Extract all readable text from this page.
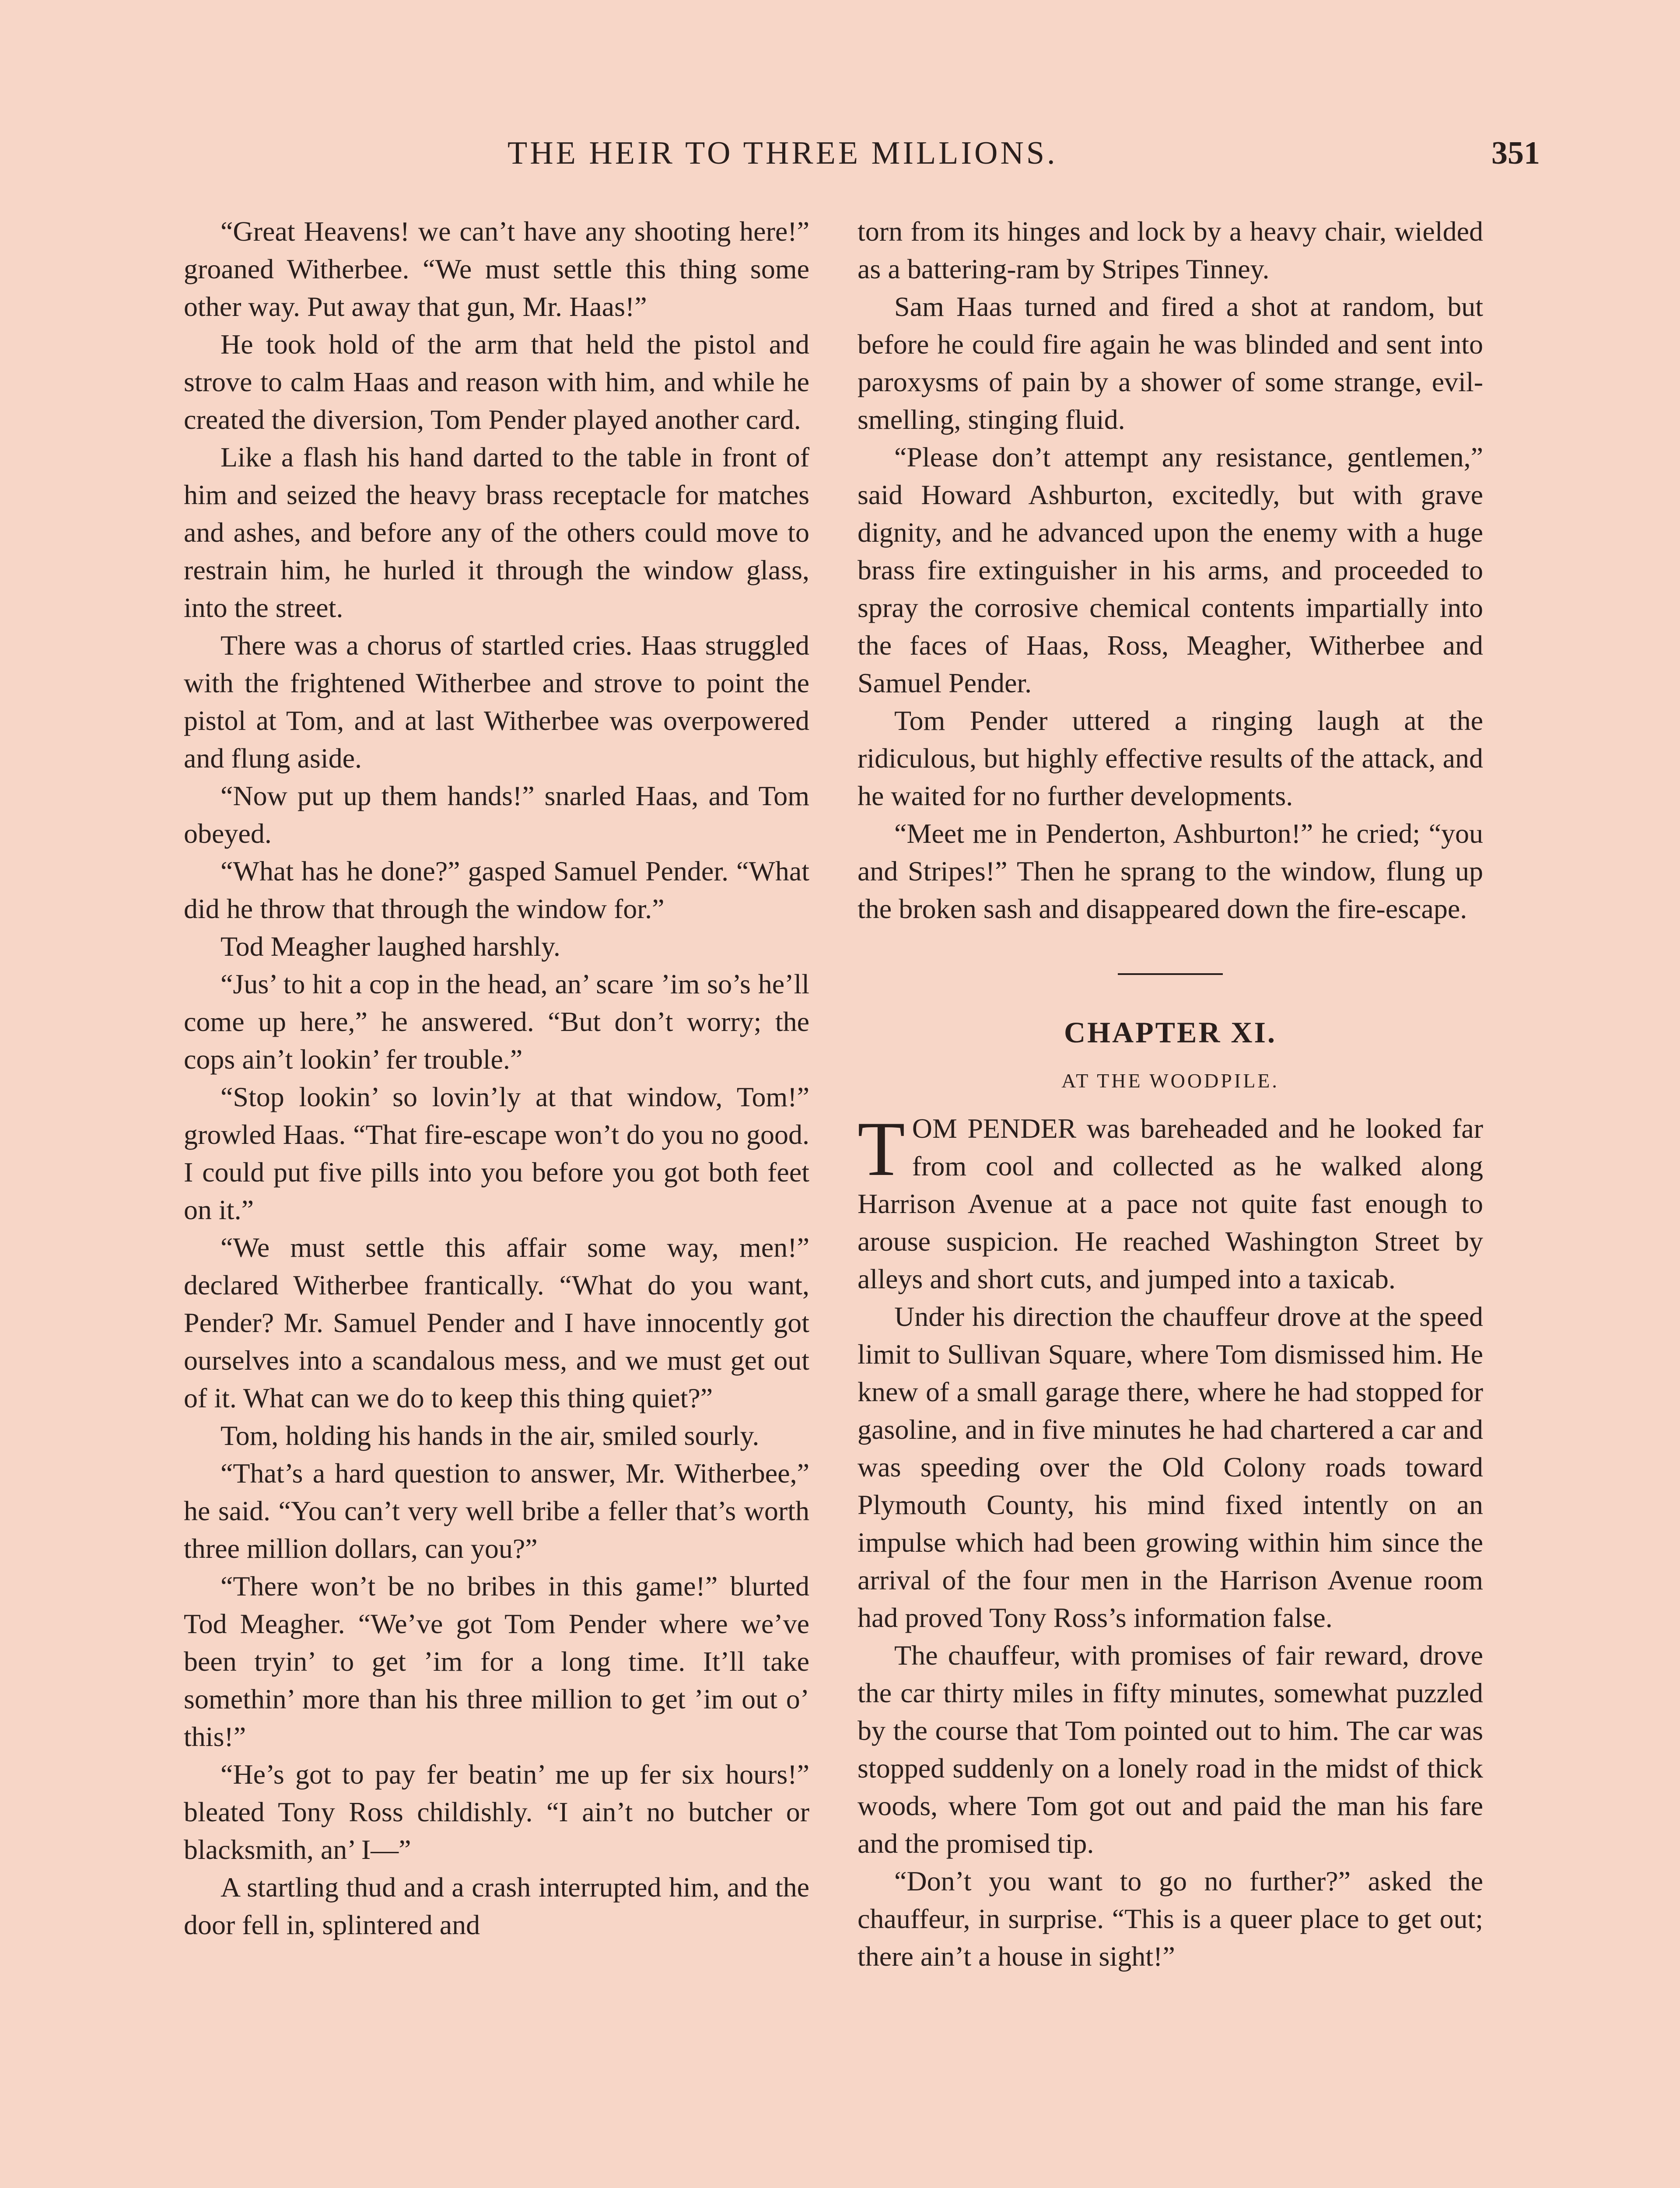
THE HEIR TO THREE MILLIONS.	351

“Great Heavens! we can’t have any shooting here!” groaned Witherbee. “We must settle this thing some other way. Put away that gun, Mr. Haas!”

He took hold of the arm that held the pistol and strove to calm Haas and reason with him, and while he created the diversion, Tom Pender played another card.

Like a flash his hand darted to the table in front of him and seized the heavy brass receptacle for matches and ashes, and before any of the others could move to restrain him, he hurled it through the window glass, into the street.

There was a chorus of startled cries. Haas struggled with the frightened Witherbee and strove to point the pistol at Tom, and at last Witherbee was overpowered and flung aside.

“Now put up them hands!” snarled Haas, and Tom obeyed.

“What has he done?” gasped Samuel Pender. “What did he throw that through the window for.”

Tod Meagher laughed harshly.

“Jus’ to hit a cop in the head, an’ scare ’im so’s he’ll come up here,” he answered. “But don’t worry; the cops ain’t lookin’ fer trouble.”

“Stop lookin’ so lovin’ly at that window, Tom!” growled Haas. “That fire-escape won’t do you no good. I could put five pills into you before you got both feet on it.”

“We must settle this affair some way, men!” declared Witherbee frantically. “What do you want, Pender? Mr. Samuel Pender and I have innocently got ourselves into a scandalous mess, and we must get out of it. What can we do to keep this thing quiet?”

Tom, holding his hands in the air, smiled sourly.

“That’s a hard question to answer, Mr. Witherbee,” he said. “You can’t very well bribe a feller that’s worth three million dollars, can you?”

“There won’t be no bribes in this game!” blurted Tod Meagher. “We’ve got Tom Pender where we’ve been tryin’ to get ’im for a long time. It’ll take somethin’ more than his three million to get ’im out o’ this!”

“He’s got to pay fer beatin’ me up fer six hours!” bleated Tony Ross childishly. “I ain’t no butcher or blacksmith, an’ I—”

A startling thud and a crash interrupted him, and the door fell in, splintered and

torn from its hinges and lock by a heavy chair, wielded as a battering-ram by Stripes Tinney.

Sam Haas turned and fired a shot at random, but before he could fire again he was blinded and sent into paroxysms of pain by a shower of some strange, evil-smelling, stinging fluid.

“Please don’t attempt any resistance, gentlemen,” said Howard Ashburton, excitedly, but with grave dignity, and he advanced upon the enemy with a huge brass fire extinguisher in his arms, and proceeded to spray the corrosive chemical contents impartially into the faces of Haas, Ross, Meagher, Witherbee and Samuel Pender.

Tom Pender uttered a ringing laugh at the ridiculous, but highly effective results of the attack, and he waited for no further developments.

“Meet me in Penderton, Ashburton!” he cried; “you and Stripes!” Then he sprang to the window, flung up the broken sash and disappeared down the fire-escape.

CHAPTER XI.
AT THE WOODPILE.

TOM PENDER was bareheaded and he looked far from cool and collected as he walked along Harrison Avenue at a pace not quite fast enough to arouse suspicion. He reached Washington Street by alleys and short cuts, and jumped into a taxicab.

Under his direction the chauffeur drove at the speed limit to Sullivan Square, where Tom dismissed him. He knew of a small garage there, where he had stopped for gasoline, and in five minutes he had chartered a car and was speeding over the Old Colony roads toward Plymouth County, his mind fixed intently on an impulse which had been growing within him since the arrival of the four men in the Harrison Avenue room had proved Tony Ross’s information false.

The chauffeur, with promises of fair reward, drove the car thirty miles in fifty minutes, somewhat puzzled by the course that Tom pointed out to him. The car was stopped suddenly on a lonely road in the midst of thick woods, where Tom got out and paid the man his fare and the promised tip.

“Don’t you want to go no further?” asked the chauffeur, in surprise. “This is a queer place to get out; there ain’t a house in sight!”
